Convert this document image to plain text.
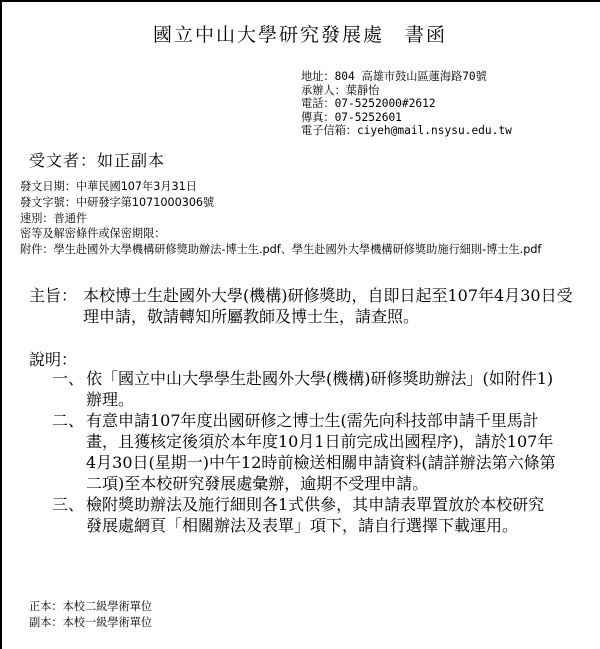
國立中山大學研究發展處　書函
地址：804 高雄市鼓山區蓮海路70號
承辦人：葉靜怡
電話：07-5252000#2612
傳真：07-5252601
電子信箱：ciyeh@mail.nsysu.edu.tw
受文者：如正副本
發文日期：中華民國107年3月31日
發文字號：中研發字第1071000306號
速別：普通件
密等及解密條件或保密期限：
附件： 學生赴國外大學機構研修獎助辦法-博士生.pdf、學生赴國外大學機構研修獎助施行細則-博士生.pdf
主旨： 本校博士生赴國外大學(機構)研修獎助，自即日起至107年4月30日受理申請，敬請轉知所屬教師及博士生，請查照。
說明：
一、 依「國立中山大學學生赴國外大學(機構)研修獎助辦法」(如附件1) 辦理。
二、 有意申請107年度出國研修之博士生(需先向科技部申請千里馬計畫，且獲核定後須於本年度10月1日前完成出國程序)，請於107年4月30日(星期一)中午12時前檢送相關申請資料(請詳辦法第六條第二項)至本校研究發展處彙辦，逾期不受理申請。
三、 檢附獎助辦法及施行細則各1式供參，其申請表單置放於本校研究發展處網頁「相關辦法及表單」項下，請自行選擇下載運用。
正本：本校二級學術單位
副本：本校一級學術單位
